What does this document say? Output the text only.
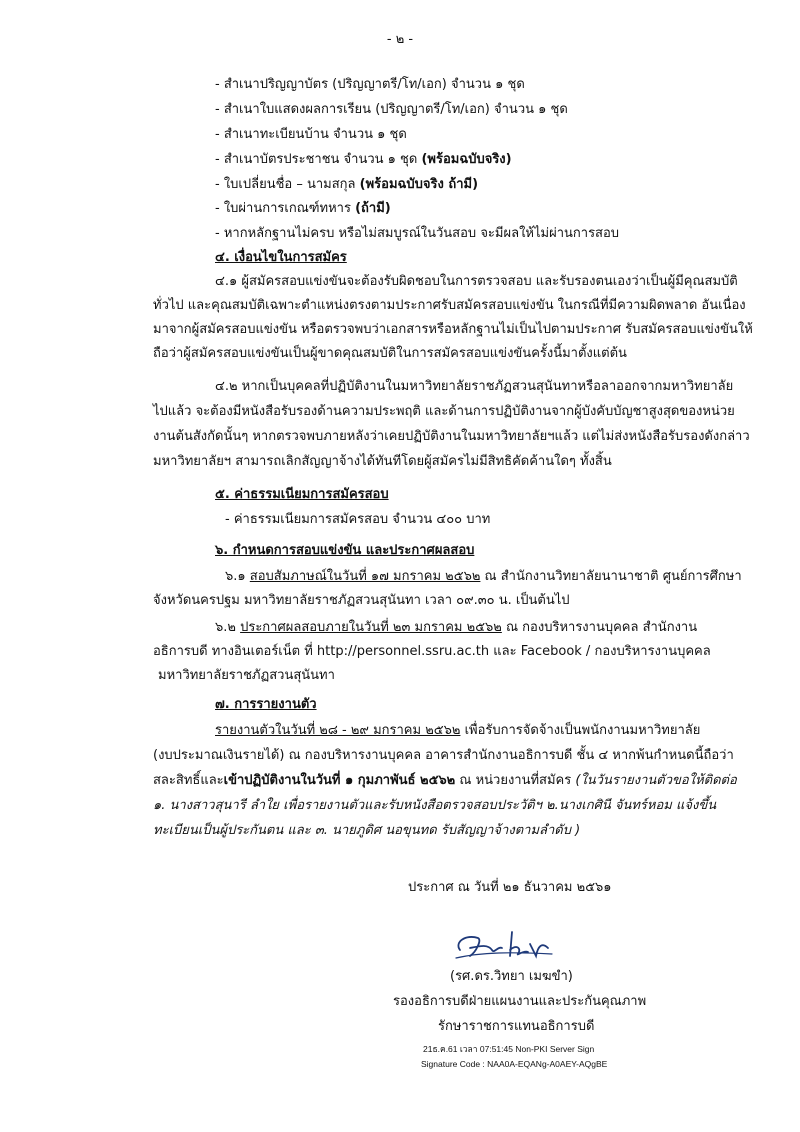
- ๒ -
- สำเนาปริญญาบัตร (ปริญญาตรี/โท/เอก) จำนวน ๑ ชุด
- สำเนาใบแสดงผลการเรียน (ปริญญาตรี/โท/เอก) จำนวน ๑ ชุด
- สำเนาทะเบียนบ้าน จำนวน ๑ ชุด
- สำเนาบัตรประชาชน จำนวน ๑ ชุด (พร้อมฉบับจริง)
- ใบเปลี่ยนชื่อ – นามสกุล (พร้อมฉบับจริง ถ้ามี)
- ใบผ่านการเกณฑ์ทหาร (ถ้ามี)
- หากหลักฐานไม่ครบ หรือไม่สมบูรณ์ในวันสอบ จะมีผลให้ไม่ผ่านการสอบ
๔. เงื่อนไขในการสมัคร
๔.๑ ผู้สมัครสอบแข่งขันจะต้องรับผิดชอบในการตรวจสอบ และรับรองตนเองว่าเป็นผู้มีคุณสมบัติ
ทั่วไป และคุณสมบัติเฉพาะตำแหน่งตรงตามประกาศรับสมัครสอบแข่งขัน ในกรณีที่มีความผิดพลาด อันเนื่อง
มาจากผู้สมัครสอบแข่งขัน หรือตรวจพบว่าเอกสารหรือหลักฐานไม่เป็นไปตามประกาศ รับสมัครสอบแข่งขันให้
ถือว่าผู้สมัครสอบแข่งขันเป็นผู้ขาดคุณสมบัติในการสมัครสอบแข่งขันครั้งนี้มาตั้งแต่ต้น
๔.๒ หากเป็นบุคคลที่ปฏิบัติงานในมหาวิทยาลัยราชภัฏสวนสุนันทาหรือลาออกจากมหาวิทยาลัย
ไปแล้ว จะต้องมีหนังสือรับรองด้านความประพฤติ และด้านการปฏิบัติงานจากผู้บังคับบัญชาสูงสุดของหน่วย
งานต้นสังกัดนั้นๆ หากตรวจพบภายหลังว่าเคยปฏิบัติงานในมหาวิทยาลัยฯแล้ว แต่ไม่ส่งหนังสือรับรองดังกล่าว
มหาวิทยาลัยฯ สามารถเลิกสัญญาจ้างได้ทันทีโดยผู้สมัครไม่มีสิทธิคัดค้านใดๆ ทั้งสิ้น
๕. ค่าธรรมเนียมการสมัครสอบ
- ค่าธรรมเนียมการสมัครสอบ จำนวน ๔๐๐ บาท
๖. กำหนดการสอบแข่งขัน และประกาศผลสอบ
๖.๑ สอบสัมภาษณ์ในวันที่ ๑๗ มกราคม ๒๕๖๒ ณ สำนักงานวิทยาลัยนานาชาติ ศูนย์การศึกษา
จังหวัดนครปฐม มหาวิทยาลัยราชภัฏสวนสุนันทา เวลา ๐๙.๓๐ น. เป็นต้นไป
๖.๒ ประกาศผลสอบภายในวันที่ ๒๓ มกราคม ๒๕๖๒ ณ กองบริหารงานบุคคล สำนักงาน
อธิการบดี ทางอินเตอร์เน็ต ที่ http://personnel.ssru.ac.th และ Facebook / กองบริหารงานบุคคล
มหาวิทยาลัยราชภัฏสวนสุนันทา
๗. การรายงานตัว
รายงานตัวในวันที่ ๒๘ - ๒๙ มกราคม ๒๕๖๒ เพื่อรับการจัดจ้างเป็นพนักงานมหาวิทยาลัย
(งบประมาณเงินรายได้) ณ กองบริหารงานบุคคล อาคารสำนักงานอธิการบดี ชั้น ๔ หากพ้นกำหนดนี้ถือว่า
สละสิทธิ์และเข้าปฏิบัติงานในวันที่ ๑ กุมภาพันธ์ ๒๕๖๒ ณ หน่วยงานที่สมัคร (ในวันรายงานตัวขอให้ติดต่อ
๑. นางสาวสุนารี ลำใย เพื่อรายงานตัวและรับหนังสือตรวจสอบประวัติฯ ๒.นางเกศินี จันทร์หอม แจ้งขึ้น
ทะเบียนเป็นผู้ประกันตน และ ๓. นายภูดิศ นอขุนทด รับสัญญาจ้างตามลำดับ )
ประกาศ ณ วันที่ ๒๑ ธันวาคม ๒๕๖๑
(รศ.ดร.วิทยา เมฆขำ)
รองอธิการบดีฝ่ายแผนงานและประกันคุณภาพ
รักษาราชการแทนอธิการบดี
21ธ.ค.61 เวลา 07:51:45 Non-PKI Server Sign
Signature Code : NAA0A-EQANg-A0AEY-AQgBE
